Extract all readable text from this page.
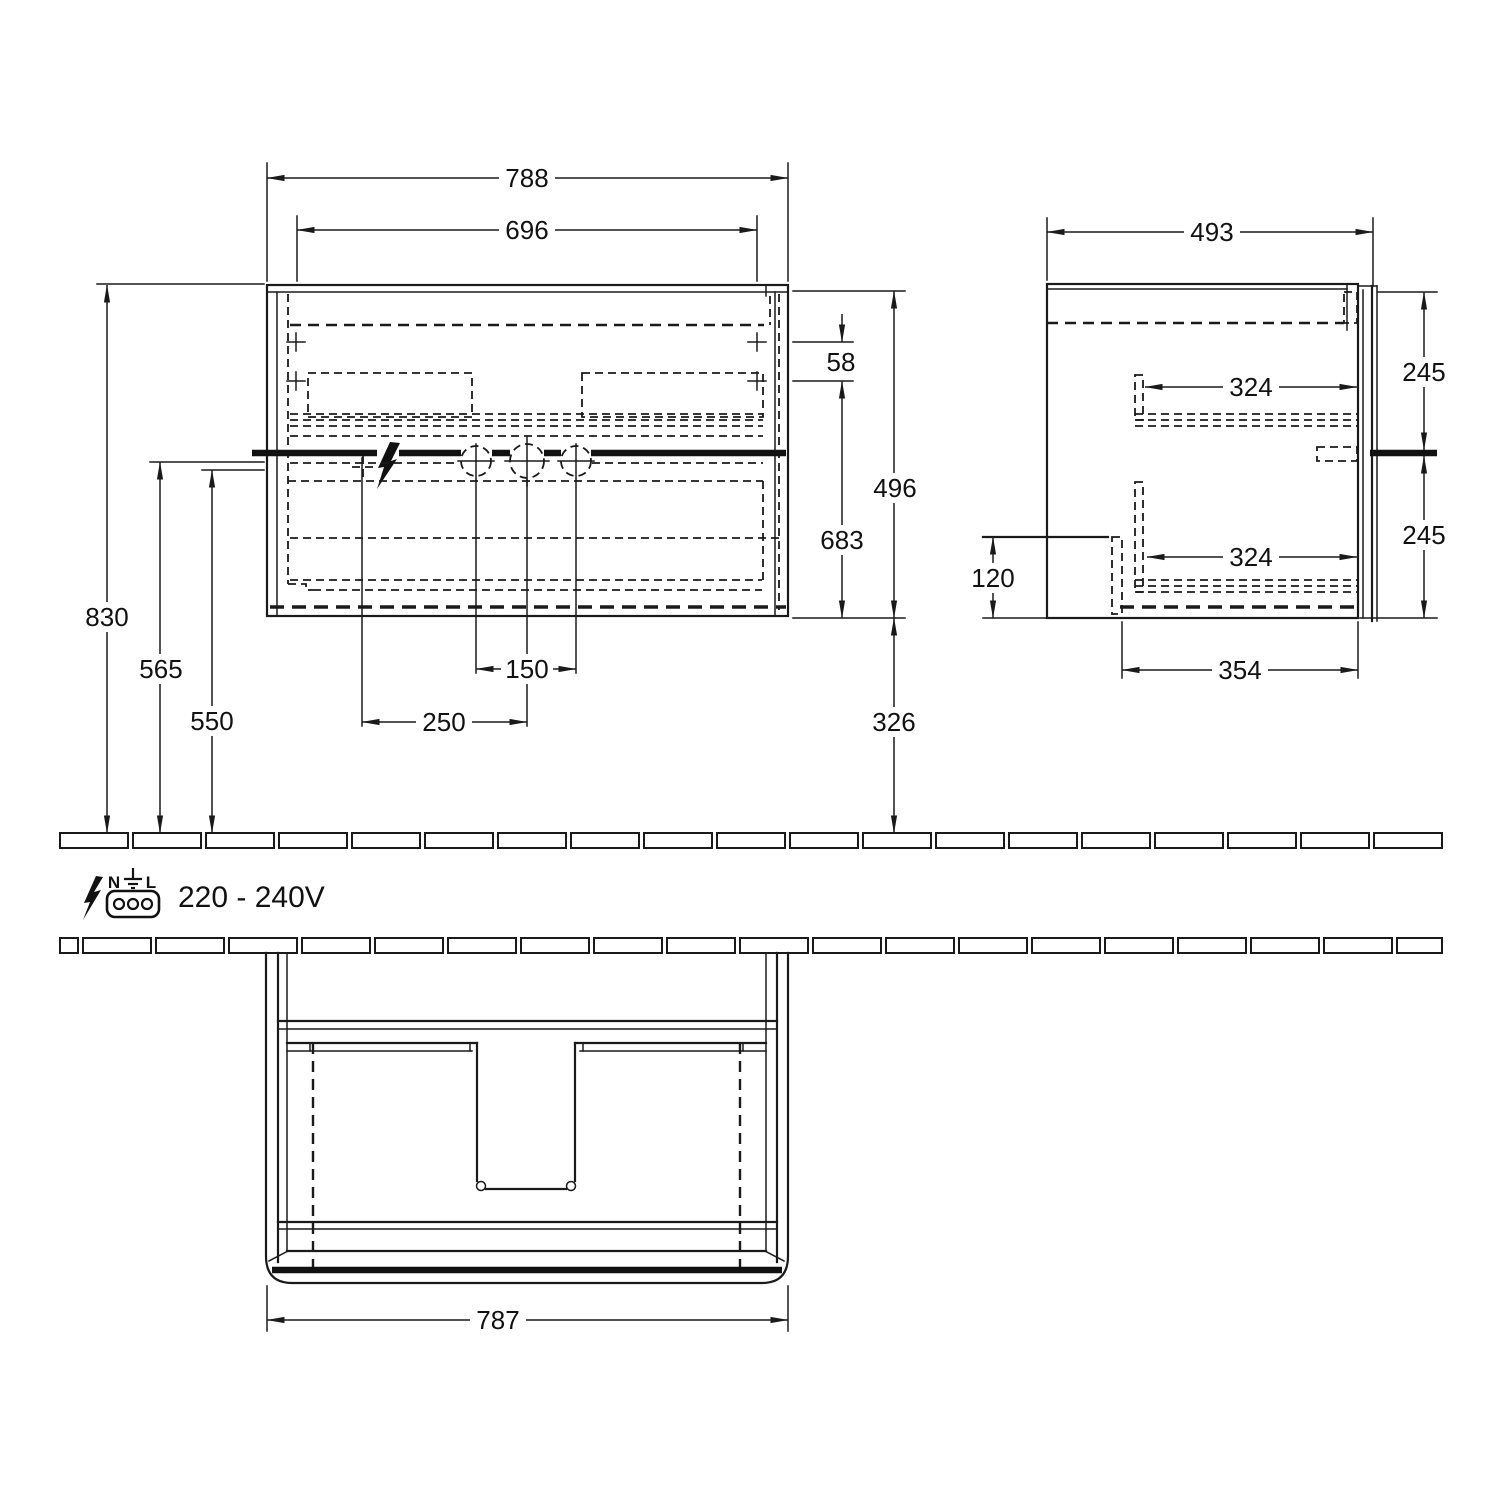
788
696
58
683
496
326
830
565
550
150
250
493
245
245
324
324
120
354
787
N L 220 - 240V
